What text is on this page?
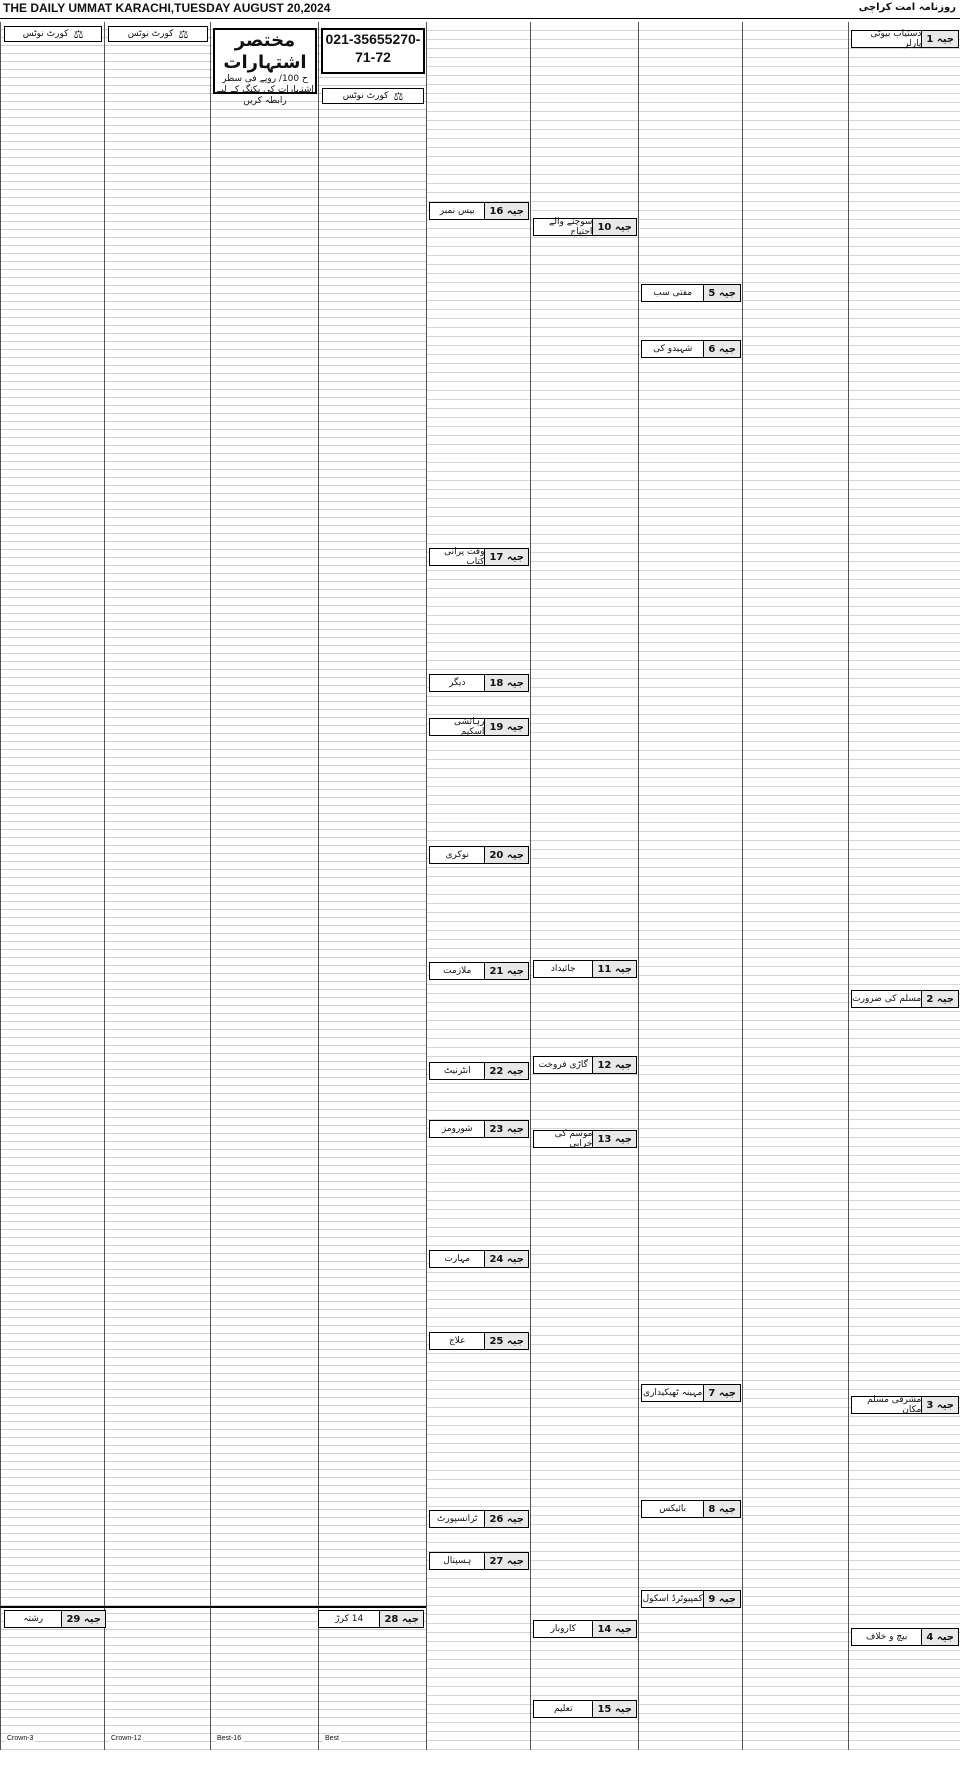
THE DAILY UMMAT KARACHI,TUESDAY AUGUST 20,2024	روزنامہ امت کراچی
⚖
کورٹ نوٹس
Crown-3
⚖
کورٹ نوٹس
Crown-12
مختصر اشتہارات
ح 100/ روپے فی سطر
اشتہارات کی بکنگ کے لیے رابطہ کریں
Best-16
021-35655270-71-72
⚖
کورٹ نوٹس
Best
جیہ

16
بیس نمبر
جیہ

17
وقت پرانی کتاب
جیہ

18
دیگر
جیہ

19
رہائشی اسکیم
جیہ

20
نوکری
جیہ

21
ملازمت
جیہ

22
انٹرنیٹ
جیہ

23
شورومز
جیہ

24
مہارت
جیہ

25
علاج
جیہ

26
ٹرانسپورٹ
جیہ

27
ہسپتال
جیہ

10
سوچنے والے احتیاج
جیہ

11
جائیداد
جیہ

12
گاڑی فروخت
جیہ

13
موسم کی خرابی
جیہ

14
کاروبار
جیہ

15
تعلیم
جیہ

5
مفتی سب
جیہ

6
شہیدو کی
جیہ

7
مہینہ ٹھیکیداری
جیہ

8
بائیکس
جیہ

9
کمپیوٹرڈ اسکول
جیہ

1
دستیاب بیوٹی پارلر
جیہ

2
مسلم کی ضرورت
جیہ

3
مشرقی مسلم مکان
جیہ

4
بیچ و خلاف
جیہ

28
14 کرڑ
جیہ

29
رشتہ
